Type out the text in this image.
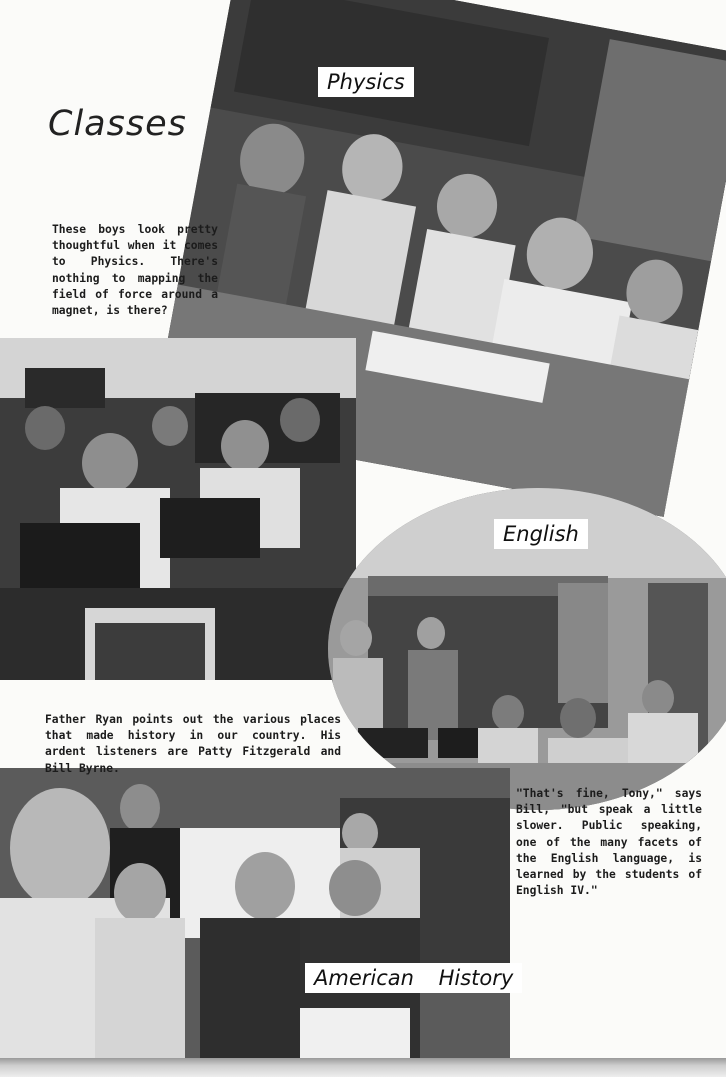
Classes
Physics
English
American History
These boys look pretty thoughtful when it comes to Physics. There's nothing to mapping the field of force around a magnet, is there?
Father Ryan points out the various places that made history in our country. His ardent listeners are Patty Fitzgerald and Bill Byrne.
"That's fine, Tony," says Bill, "but speak a little slower. Public speaking, one of the many facets of the English language, is learned by the students of English IV."
